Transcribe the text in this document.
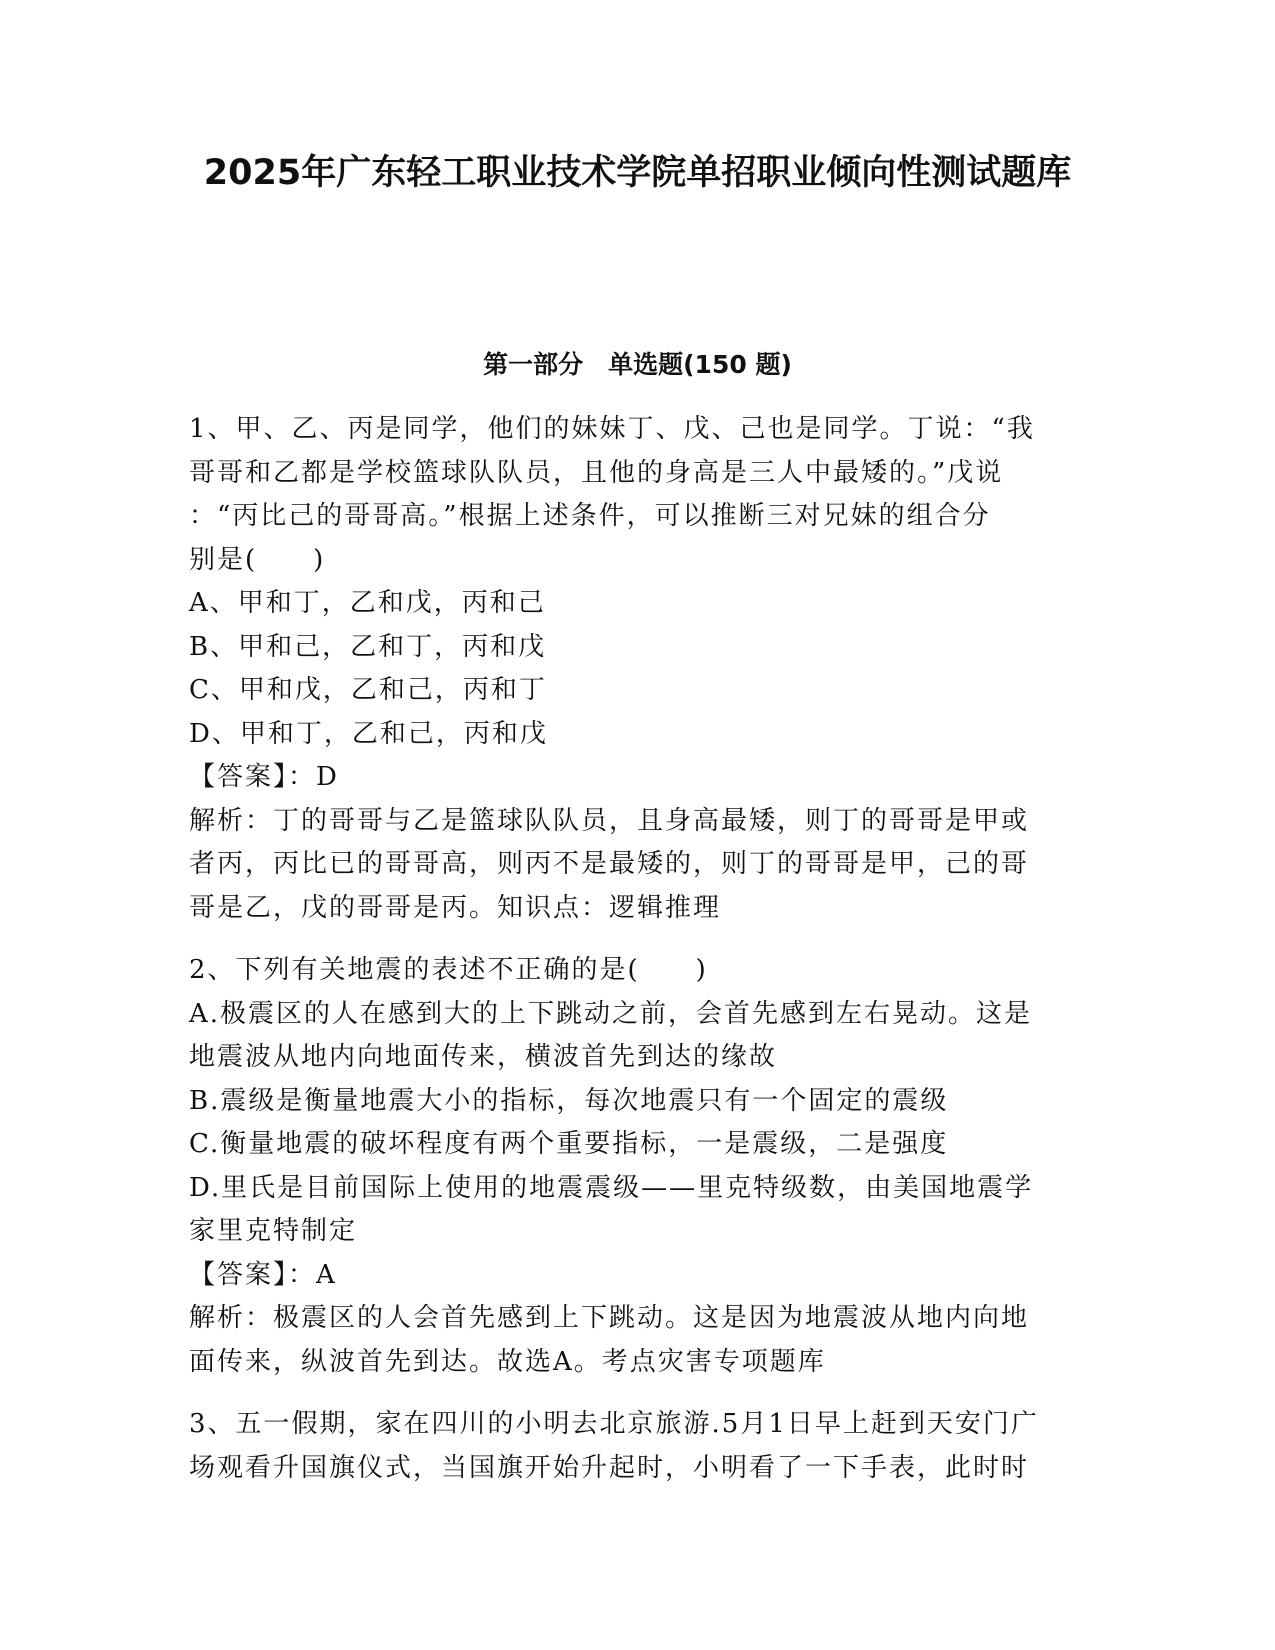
2025年广东轻工职业技术学院单招职业倾向性测试题库
第一部分　单选题(150 题)

1、甲、乙、丙是同学，他们的妹妹丁、戊、己也是同学。丁说：“我

哥哥和乙都是学校篮球队队员，且他的身高是三人中最矮的。”戊说

：“丙比己的哥哥高。”根据上述条件，可以推断三对兄妹的组合分

别是(　　)

A、甲和丁，乙和戊，丙和己

B、甲和己，乙和丁，丙和戊

C、甲和戊，乙和己，丙和丁

D、甲和丁，乙和己，丙和戊

【答案】：D

解析：丁的哥哥与乙是篮球队队员，且身高最矮，则丁的哥哥是甲或

者丙，丙比已的哥哥高，则丙不是最矮的，则丁的哥哥是甲，己的哥

哥是乙，戊的哥哥是丙。知识点：逻辑推理

2、下列有关地震的表述不正确的是(　　)

A.极震区的人在感到大的上下跳动之前，会首先感到左右晃动。这是

地震波从地内向地面传来，横波首先到达的缘故

B.震级是衡量地震大小的指标，每次地震只有一个固定的震级

C.衡量地震的破坏程度有两个重要指标，一是震级，二是强度

D.里氏是目前国际上使用的地震震级——里克特级数，由美国地震学

家里克特制定

【答案】：A

解析：极震区的人会首先感到上下跳动。这是因为地震波从地内向地

面传来，纵波首先到达。故选A。考点灾害专项题库

3、五一假期，家在四川的小明去北京旅游.5月1日早上赶到天安门广

场观看升国旗仪式，当国旗开始升起时，小明看了一下手表，此时时
